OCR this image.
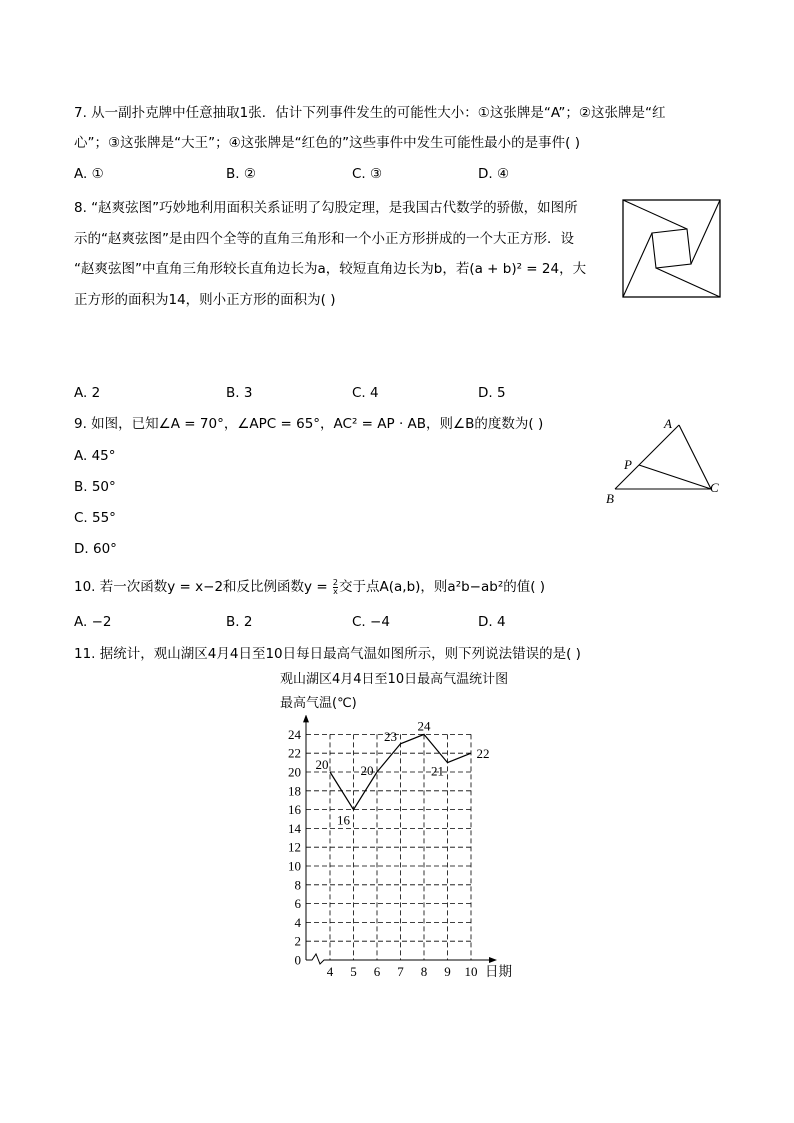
7. 从一副扑克牌中任意抽取1张．估计下列事件发生的可能性大小：①这张牌是“A”；②这张牌是“红
心”；③这张牌是“大王”；④这张牌是“红色的”这些事件中发生可能性最小的是事件( )
A. ①	B. ②	C. ③	D. ④
8. “赵爽弦图”巧妙地利用面积关系证明了勾股定理，是我国古代数学的骄傲，如图所
示的“赵爽弦图”是由四个全等的直角三角形和一个小正方形拼成的一个大正方形．设
“赵爽弦图”中直角三角形较长直角边长为a，较短直角边长为b，若(a + b)² = 24，大
正方形的面积为14，则小正方形的面积为( )
A. 2	B. 3	C. 4	D. 5
9. 如图，已知∠A = 70°，∠APC = 65°，AC² = AP · AB，则∠B的度数为( )
A. 45°
B. 50°
C. 55°
D. 60°
A
P
B
C
10. 若一次函数y = x−2和反比例函数$y = \frac{2}{x}$ 交于点A(a,b)，则a²b−ab²的值( )
A. −2	B. 2	C. −4	D. 4
11. 据统计，观山湖区4月4日至10日每日最高气温如图所示，则下列说法错误的是( )
观山湖区4月4日至10日最高气温统计图
最高气温(℃)
0
2
4
6
8
10
12
14
16
18
20
22
24
4 5 6 7 8 9 10 日期
20
16
20
23
24
21
22
